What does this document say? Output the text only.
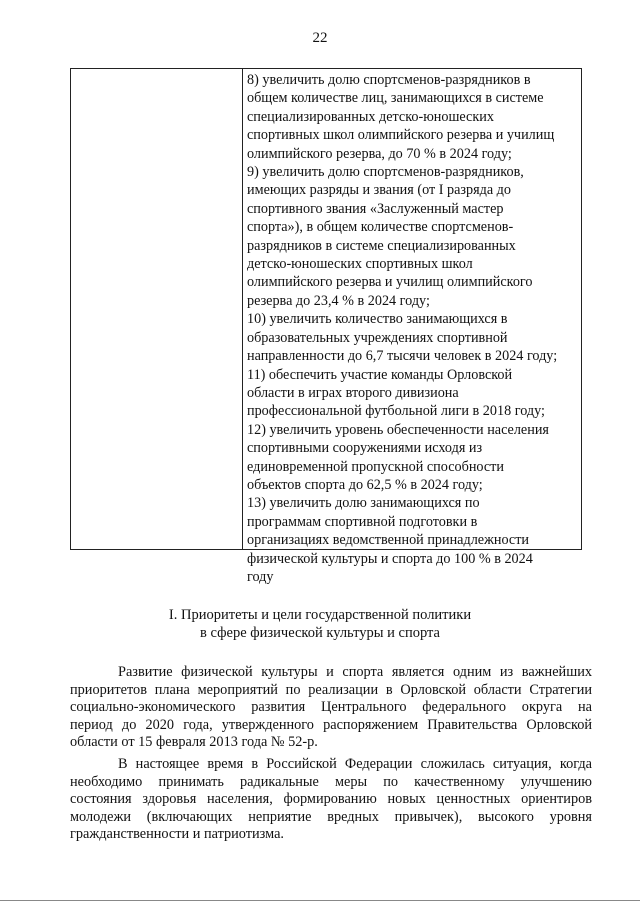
22
8) увеличить долю спортсменов-разрядников в
общем количестве лиц, занимающихся в системе
специализированных детско-юношеских
спортивных школ олимпийского резерва и училищ
олимпийского резерва, до 70 % в 2024 году;
9) увеличить долю спортсменов-разрядников,
имеющих разряды и звания (от I разряда до
спортивного звания «Заслуженный мастер
спорта»), в общем количестве спортсменов-
разрядников в системе специализированных
детско-юношеских спортивных школ
олимпийского резерва и училищ олимпийского
резерва до 23,4 % в 2024 году;
10) увеличить количество занимающихся в
образовательных учреждениях спортивной
направленности до 6,7 тысячи человек в 2024 году;
11) обеспечить участие команды Орловской
области в играх второго дивизиона
профессиональной футбольной лиги в 2018 году;
12) увеличить уровень обеспеченности населения
спортивными сооружениями исходя из
единовременной пропускной способности
объектов спорта до 62,5 % в 2024 году;
13) увеличить долю занимающихся по
программам спортивной подготовки в
организациях ведомственной принадлежности
физической культуры и спорта до 100 % в 2024
году
I. Приоритеты и цели государственной политики
в сфере физической культуры и спорта
Развитие физической культуры и спорта является одним из важнейших
приоритетов плана мероприятий по реализации в Орловской области Стратегии
социально-экономического развития Центрального федерального округа на
период до 2020 года, утвержденного распоряжением Правительства Орловской
области от 15 февраля 2013 года № 52-р.
В настоящее время в Российской Федерации сложилась ситуация, когда
необходимо принимать радикальные меры по качественному улучшению
состояния здоровья населения, формированию новых ценностных ориентиров
молодежи (включающих неприятие вредных привычек), высокого уровня
гражданственности и патриотизма.
